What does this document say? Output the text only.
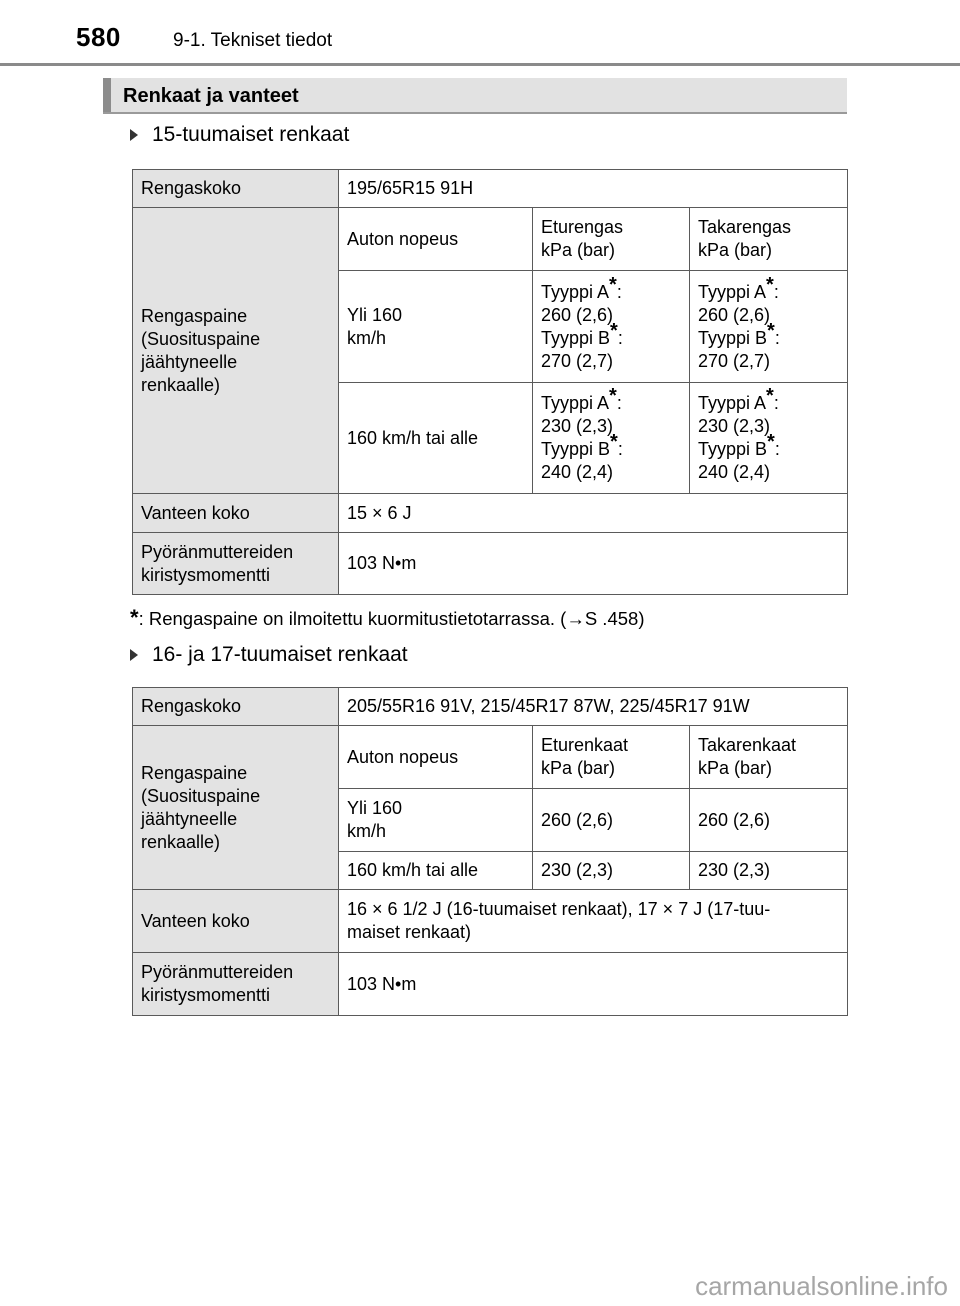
580	9-1. Tekniset tiedot
Renkaat ja vanteet
15-tuumaiset renkaat
Rengaskoko	195/65R15 91H		
Rengaspaine
(Suosituspaine
jäähtyneelle
renkaalle)	Auton nopeus	Eturengas
kPa (bar)	Takarengas
kPa (bar)
	Yli 160
km/h	Tyyppi A*:
260 (2,6)
Tyyppi B*:
270 (2,7)	Tyyppi A*:
260 (2,6)
Tyyppi B*:
270 (2,7)
	160 km/h tai alle	Tyyppi A*:
230 (2,3)
Tyyppi B*:
240 (2,4)	Tyyppi A*:
230 (2,3)
Tyyppi B*:
240 (2,4)
Vanteen koko	15 × 6 J		
Pyöränmuttereiden
kiristysmomentti	103 N•m		
*: Rengaspaine on ilmoitettu kuormitustietotarrassa. (→S .458)
16- ja 17-tuumaiset renkaat
Rengaskoko	205/55R16 91V, 215/45R17 87W, 225/45R17 91W		
Rengaspaine
(Suosituspaine
jäähtyneelle
renkaalle)	Auton nopeus	Eturenkaat
kPa (bar)	Takarenkaat
kPa (bar)
	Yli 160
km/h	260 (2,6)	260 (2,6)
	160 km/h tai alle	230 (2,3)	230 (2,3)
Vanteen koko	16 × 6 1/2 J (16-tuumaiset renkaat), 17 × 7 J (17-tuu-
maiset renkaat)		
Pyöränmuttereiden
kiristysmomentti	103 N•m		
carmanualsonline.info
